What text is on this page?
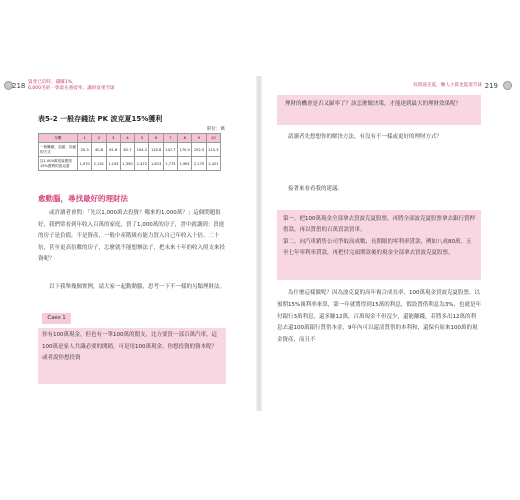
218 資產已倍時，錢賺1%，
6,000毛的一會最先養留率，讓財富重雪球
表5-2 一般存錢法 PK 波克夏15%獲利
單位：萬
年數	1	2	3	4	5	6	7	8	9	10
一般賺錢、花錢、存錢的方式	20.3	40.8	61.6	82.7	104.2	125.8	147.7	170.0	192.5	215.3
以1,000萬投資獲得15%獲利的波克夏	1,070	1,151	1,243	1,350	1,472	1,613	1,775	1,961	2,175	2,421
愈動腦，尋找最好的理財法
或許讀者會問：「先以1,000萬去投資？哪來的1,000萬？」這個問題很好，我們常看到年收入百萬的家庭，買了1,000萬的房子，書中就講到：買進的房子是負債，不是資產，一般中產階級有能力買入自己年收入十倍、二十倍，甚至更高倍數的房子，怎麼就不能想辦法子，把未來十年的收入照支來投資呢？
以下我舉幾個實例，請大家一起動動腦，思考一下不一樣的另類理財法。
Caes 1
你有100萬現金，但也有一筆100萬的閒支，比方要買一部百萬汽車，這100萬是家人共識必要的開銷，可是用100萬現金、你想投資的資本呢？或者說你想投資
投資波克夏，懶人小資也能滾雪球 219
理財的機會是否又歸零了？該怎麼做決策，才能達到最大的理財效果呢？
請讀者先想想你的解決方法，有沒有不一樣或更好的理財方式？
接著來看看我的建議：
第一，把100萬現金全部拿去買波克夏股票，再將全部波克夏股票拿去銀行質押借款，再以質借的百萬買款買車。
第二，向汽車銷售公司爭取高成數、長期限的零利率貸款，例如八成80萬、五至七年零利率貸款，再把付完頭期款後的現金全部拿去買波克夏股票。
為什麼這樣做呢？因為波克夏的高年複合成長率，100萬現金買波克夏股票，以預期15%複利率來算，第一年就將得到15萬的利息，假設質借利息為3%，也就是年付銀行3萬利息，還多賺12萬，百萬現金不但沒少，還能賺錢，若將多出12萬的利息去還100萬銀行質借本金，9年內可以還清質借的本利和，還保有原來100萬的現金資產，而且不
